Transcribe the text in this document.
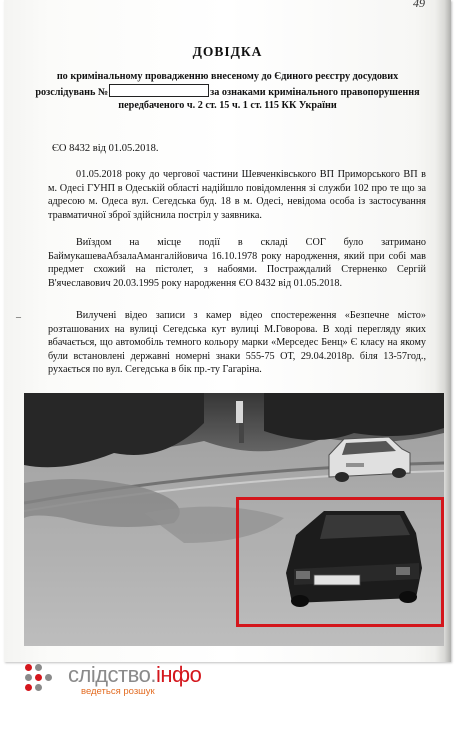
49
ДОВІДКА
по кримінальному провадженню внесеному до Єдиного реєстру досудових розслідувань №	за ознаками кримінального правопорушення передбаченого ч. 2 ст. 15 ч. 1 ст. 115 КК України
ЄО 8432 від 01.05.2018.
01.05.2018 року до чергової частини Шевченківського ВП Приморського ВП в м. Одесі ГУНП в Одеській області надійшло повідомлення зі служби 102 про те що за адресою м. Одеса вул. Сегедська буд. 18 в м. Одесі, невідома особа із застосування травматичної зброї здійснила постріл у заявника.
Виїздом на місце події в складі СОГ було затримано БаймукашеваАбзалаАмангалійовича 16.10.1978 року народження, який при собі мав предмет схожий на пістолет, з набоями. Постраждалий Стерненко Сергій В'ячеславович 20.03.1995 року народження ЄО 8432 від 01.05.2018.
–	Вилучені відео записи з камер відео спостереження «Безпечне місто» розташованих на вулиці Сегедська кут вулиці М.Говорова. В ході перегляду яких вбачається, що автомобіль темного кольору марки «Мерседес Бенц» Є класу на якому були встановлені державні номерні знаки 555-75 ОТ, 29.04.2018р. біля 13-57год., рухається по вул. Сегедська в бік пр.-ту Гагаріна.
слідство.інфо
ведеться розшук
